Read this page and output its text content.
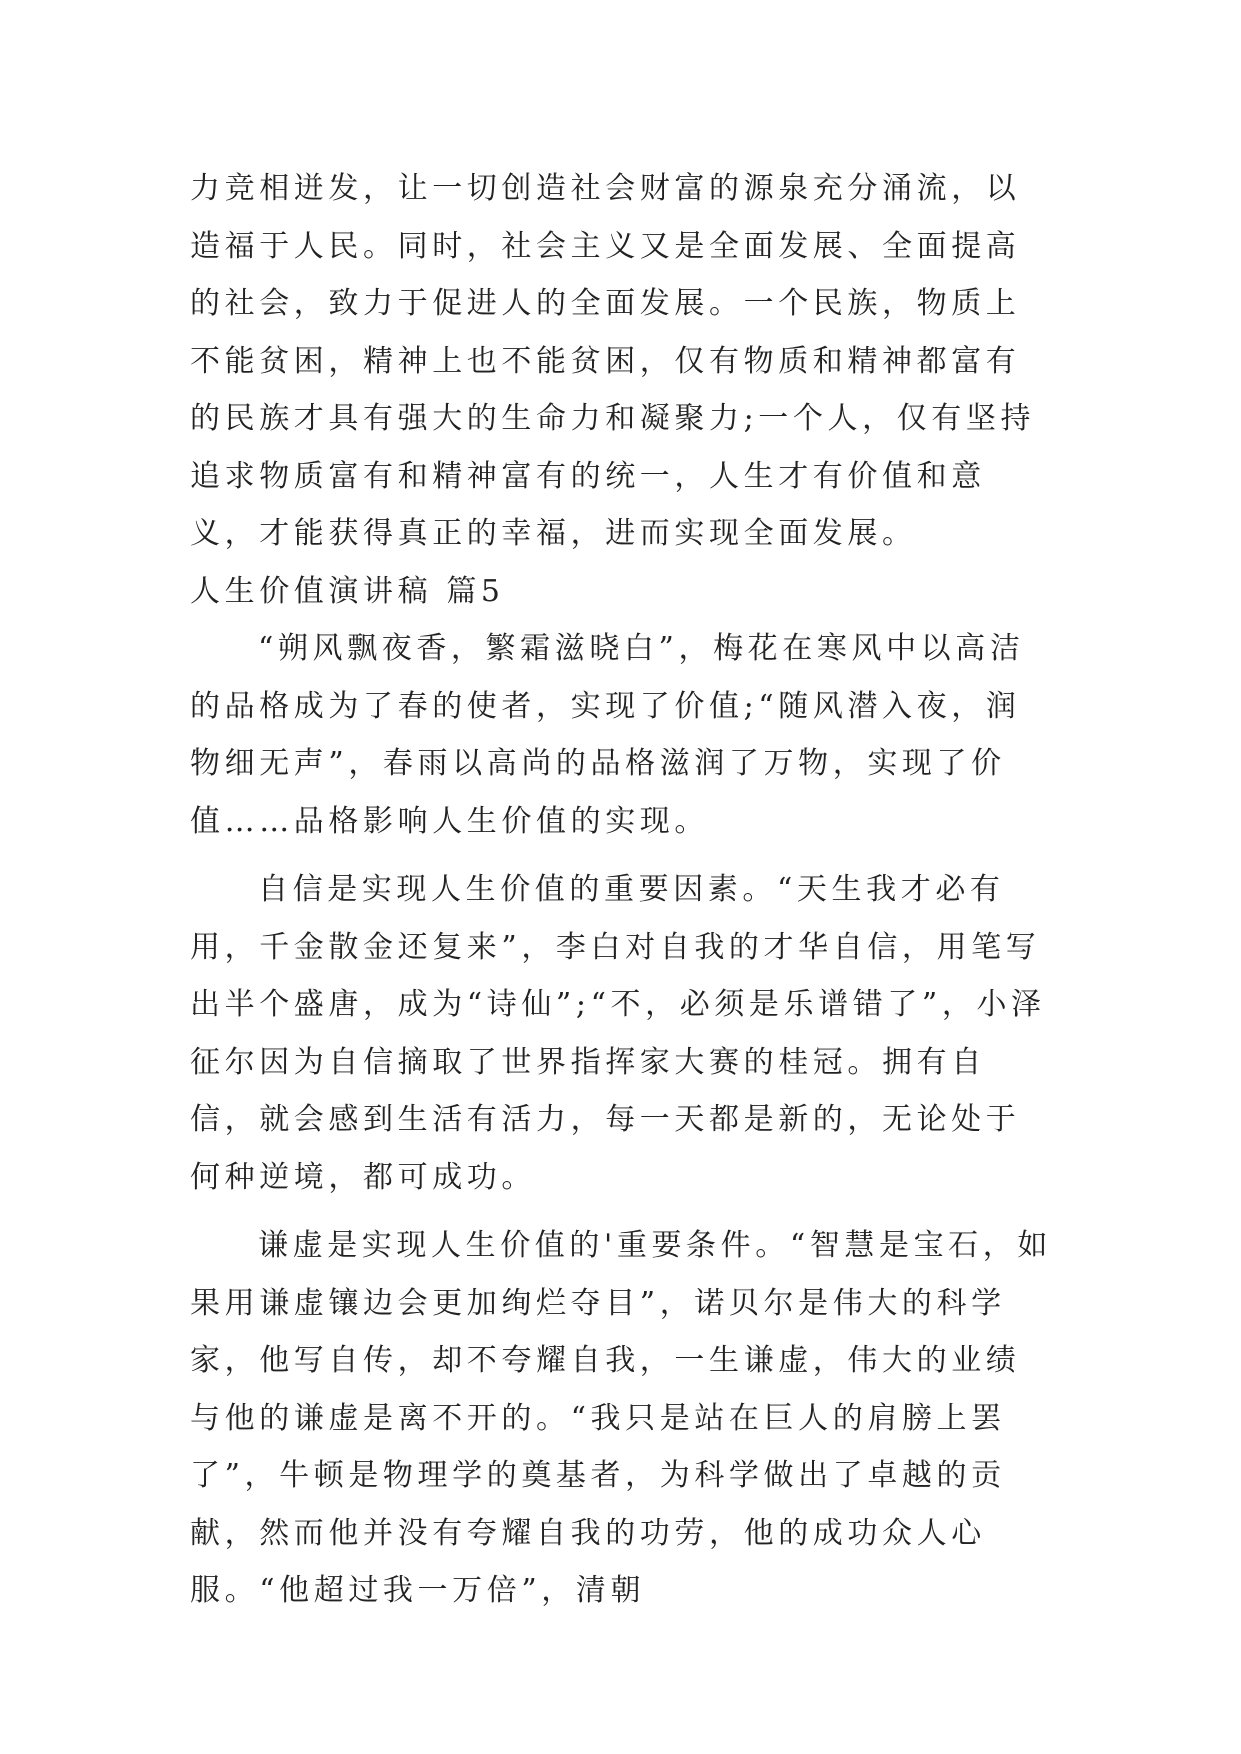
力竞相迸发，让一切创造社会财富的源泉充分涌流，以造福于人民。同时，社会主义又是全面发展、全面提高的社会，致力于促进人的全面发展。一个民族，物质上不能贫困，精神上也不能贫困，仅有物质和精神都富有的民族才具有强大的生命力和凝聚力;一个人，仅有坚持追求物质富有和精神富有的统一，人生才有价值和意义，才能获得真正的幸福，进而实现全面发展。

人生价值演讲稿 篇5

“朔风飘夜香，繁霜滋晓白”，梅花在寒风中以高洁的品格成为了春的使者，实现了价值;“随风潜入夜，润物细无声”，春雨以高尚的品格滋润了万物，实现了价值……品格影响人生价值的实现。

自信是实现人生价值的重要因素。“天生我才必有用，千金散金还复来”，李白对自我的才华自信，用笔写出半个盛唐，成为“诗仙”;“不，必须是乐谱错了”，小泽征尔因为自信摘取了世界指挥家大赛的桂冠。拥有自信，就会感到生活有活力，每一天都是新的，无论处于何种逆境，都可成功。

谦虚是实现人生价值的'重要条件。“智慧是宝石，如果用谦虚镶边会更加绚烂夺目”，诺贝尔是伟大的科学家，他写自传，却不夸耀自我，一生谦虚，伟大的业绩与他的谦虚是离不开的。“我只是站在巨人的肩膀上罢了”，牛顿是物理学的奠基者，为科学做出了卓越的贡献，然而他并没有夸耀自我的功劳，他的成功众人心服。“他超过我一万倍”，清朝
